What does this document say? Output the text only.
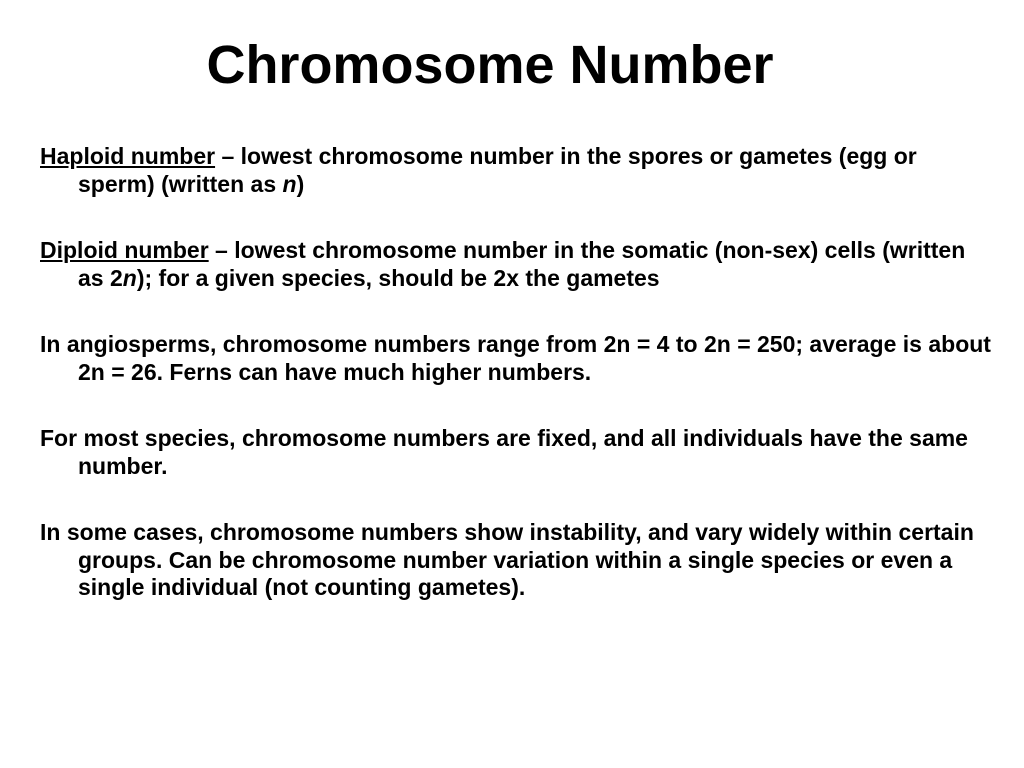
Chromosome Number

Haploid number – lowest chromosome number in the spores or gametes (egg or sperm) (written as n)

Diploid number – lowest chromosome number in the somatic (non-sex) cells (written as 2n); for a given species, should be 2x the gametes

In angiosperms, chromosome numbers range from 2n = 4 to 2n = 250; average is about 2n = 26. Ferns can have much higher numbers.

For most species, chromosome numbers are fixed, and all individuals have the same number.

In some cases, chromosome numbers show instability, and vary widely within certain groups. Can be chromosome number variation within a single species or even a single individual (not counting gametes).
